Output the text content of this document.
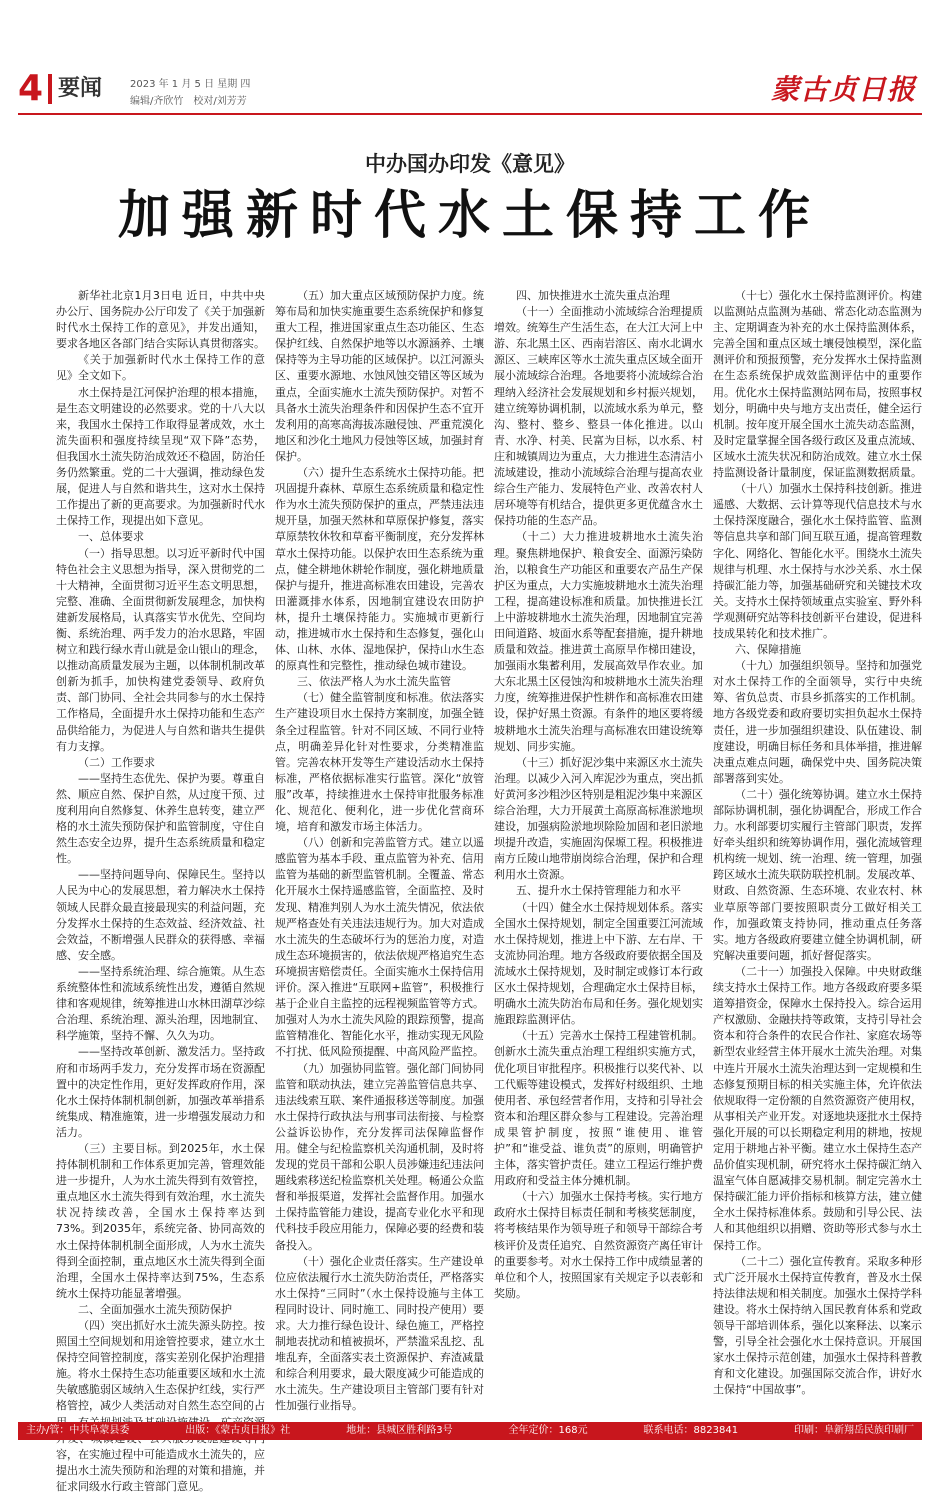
4 要闻	2023 年 1 月 5 日 星期 四
编辑/齐欣竹　校对/刘芳芳	蒙古贞日报
中办国办印发《意见》
加强新时代水土保持工作

新华社北京1月3日电 近日，中共中央办公厅、国务院办公厅印发了《关于加强新时代水土保持工作的意见》，并发出通知，要求各地区各部门结合实际认真贯彻落实。

《关于加强新时代水土保持工作的意见》全文如下。

水土保持是江河保护治理的根本措施，是生态文明建设的必然要求。党的十八大以来，我国水土保持工作取得显著成效，水土流失面积和强度持续呈现“双下降”态势，但我国水土流失防治成效还不稳固，防治任务仍然繁重。党的二十大强调，推动绿色发展，促进人与自然和谐共生，这对水土保持工作提出了新的更高要求。为加强新时代水土保持工作，现提出如下意见。

一、总体要求

（一）指导思想。以习近平新时代中国特色社会主义思想为指导，深入贯彻党的二十大精神，全面贯彻习近平生态文明思想，完整、准确、全面贯彻新发展理念，加快构建新发展格局，认真落实节水优先、空间均衡、系统治理、两手发力的治水思路，牢固树立和践行绿水青山就是金山银山的理念，以推动高质量发展为主题，以体制机制改革创新为抓手，加快构建党委领导、政府负责、部门协同、全社会共同参与的水土保持工作格局，全面提升水土保持功能和生态产品供给能力，为促进人与自然和谐共生提供有力支撑。

（二）工作要求

——坚持生态优先、保护为要。尊重自然、顺应自然、保护自然，从过度干预、过度利用向自然修复、休养生息转变，建立严格的水土流失预防保护和监管制度，守住自然生态安全边界，提升生态系统质量和稳定性。

——坚持问题导向、保障民生。坚持以人民为中心的发展思想，着力解决水土保持领域人民群众最直接最现实的利益问题，充分发挥水土保持的生态效益、经济效益、社会效益，不断增强人民群众的获得感、幸福感、安全感。

——坚持系统治理、综合施策。从生态系统整体性和流域系统性出发，遵循自然规律和客观规律，统筹推进山水林田湖草沙综合治理、系统治理、源头治理，因地制宜、科学施策，坚持不懈、久久为功。

——坚持改革创新、激发活力。坚持政府和市场两手发力，充分发挥市场在资源配置中的决定性作用，更好发挥政府作用，深化水土保持体制机制创新，加强改革举措系统集成、精准施策，进一步增强发展动力和活力。

（三）主要目标。到2025年，水土保持体制机制和工作体系更加完善，管理效能进一步提升，人为水土流失得到有效管控，重点地区水土流失得到有效治理，水土流失状况持续改善，全国水土保持率达到73%。到2035年，系统完备、协同高效的水土保持体制机制全面形成，人为水土流失得到全面控制，重点地区水土流失得到全面治理，全国水土保持率达到75%，生态系统水土保持功能显著增强。

二、全面加强水土流失预防保护

（四）突出抓好水土流失源头防控。按照国土空间规划和用途管控要求，建立水土保持空间管控制度，落实差别化保护治理措施。将水土保持生态功能重要区域和水土流失敏感脆弱区域纳入生态保护红线，实行严格管控，减少人类活动对自然生态空间的占 容，在实施过程中可能造成水土流失的，应提出水土流失预防和治理的对策和措施，并征求同级水行政主管部门意见。

（五）加大重点区域预防保护力度。统筹布局和加快实施重要生态系统保护和修复重大工程，推进国家重点生态功能区、生态保护红线、自然保护地等以水源涵养、土壤保持等为主导功能的区域保护。以江河源头区、重要水源地、水蚀风蚀交错区等区域为重点，全面实施水土流失预防保护。对暂不具备水土流失治理条件和因保护生态不宜开发利用的高寒高海拔冻融侵蚀、严重荒漠化地区和沙化土地风力侵蚀等区域，加强封育保护。

（六）提升生态系统水土保持功能。把巩固提升森林、草原生态系统质量和稳定性作为水土流失预防保护的重点，严禁违法违规开垦，加强天然林和草原保护修复，落实草原禁牧休牧和草畜平衡制度，充分发挥林草水土保持功能。以保护农田生态系统为重点，健全耕地休耕轮作制度，强化耕地质量保护与提升，推进高标准农田建设，完善农田灌溉排水体系，因地制宜建设农田防护林，提升土壤保持能力。实施城市更新行动，推进城市水土保持和生态修复，强化山体、山林、水体、湿地保护，保持山水生态的原真性和完整性，推动绿色城市建设。

三、依法严格人为水土流失监管

（七）健全监管制度和标准。依法落实生产建设项目水土保持方案制度，加强全链条全过程监管。针对不同区域、不同行业特点，明确差异化针对性要求，分类精准监管。完善农林开发等生产建设活动水土保持标准，严格依据标准实行监管。深化“放管服”改革，持续推进水土保持审批服务标准化、规范化、便利化，进一步优化营商环境，培育和激发市场主体活力。

（八）创新和完善监管方式。建立以遥感监管为基本手段、重点监管为补充、信用监管为基础的新型监管机制。全覆盖、常态化开展水土保持遥感监管，全面监控、及时发现、精准判别人为水土流失情况，依法依规严格查处有关违法违规行为。加大对造成水土流失的生态破坏行为的惩治力度，对造成生态环境损害的，依法依规严格追究生态环境损害赔偿责任。全面实施水土保持信用评价。深入推进“互联网+监管”，积极推行基于企业自主监控的远程视频监管等方式。加强对人为水土流失风险的跟踪预警，提高监管精准化、智能化水平，推动实现无风险不打扰、低风险预提醒、中高风险严监控。

（九）加强协同监管。强化部门间协同监管和联动执法，建立完善监管信息共享、违法线索互联、案件通报移送等制度。加强水土保持行政执法与刑事司法衔接、与检察公益诉讼协作，充分发挥司法保障监督作用。健全与纪检监察机关沟通机制，及时将发现的党员干部和公职人员涉嫌违纪违法问题线索移送纪检监察机关处理。畅通公众监督和举报渠道，发挥社会监督作用。加强水土保持监管能力建设，提高专业化水平和现代科技手段应用能力，保障必要的经费和装备投入。

（十）强化企业责任落实。生产建设单位应依法履行水土流失防治责任，严格落实水土保持“三同时”（水土保持设施与主体工程同时设计、同时施工、同时投产使用）要求。大力推行绿色设计、绿色施工，严格控制地表扰动和植被损坏，严禁滥采乱挖、乱堆乱弃，全面落实表土资源保护、弃渣减量和综合利用要求，最大限度减少可能造成的水土流失。生产建设项目主管部门要有针对性加强行业指导。

四、加快推进水土流失重点治理

（十一）全面推动小流域综合治理提质增效。统筹生产生活生态，在大江大河上中游、东北黑土区、西南岩溶区、南水北调水源区、三峡库区等水土流失重点区域全面开展小流域综合治理。各地要将小流域综合治理纳入经济社会发展规划和乡村振兴规划，建立统筹协调机制，以流域水系为单元，整沟、整村、整乡、整县一体化推进。以山青、水净、村美、民富为目标，以水系、村庄和城镇周边为重点，大力推进生态清洁小流域建设，推动小流域综合治理与提高农业综合生产能力、发展特色产业、改善农村人居环境等有机结合，提供更多更优蕴含水土保持功能的生态产品。

（十二）大力推进坡耕地水土流失治理。聚焦耕地保护、粮食安全、面源污染防治，以粮食生产功能区和重要农产品生产保护区为重点，大力实施坡耕地水土流失治理工程，提高建设标准和质量。加快推进长江上中游坡耕地水土流失治理，因地制宜完善田间道路、坡面水系等配套措施，提升耕地质量和效益。推进黄土高原旱作梯田建设，加强雨水集蓄利用，发展高效旱作农业。加大东北黑土区侵蚀沟和坡耕地水土流失治理力度，统筹推进保护性耕作和高标准农田建设，保护好黑土资源。有条件的地区要将缓坡耕地水土流失治理与高标准农田建设统筹规划、同步实施。

（十三）抓好泥沙集中来源区水土流失治理。以减少入河入库泥沙为重点，突出抓好黄河多沙粗沙区特别是粗泥沙集中来源区综合治理，大力开展黄土高原高标准淤地坝建设，加强病险淤地坝除险加固和老旧淤地坝提升改造，实施固沟保塬工程。积极推进南方丘陵山地带崩岗综合治理，保护和合理利用水土资源。

五、提升水土保持管理能力和水平

（十四）健全水土保持规划体系。落实全国水土保持规划，制定全国重要江河流域水土保持规划，推进上中下游、左右岸、干支流协同治理。地方各级政府要依据全国及流域水土保持规划，及时制定或修订本行政区水土保持规划，合理确定水土保持目标，明确水土流失防治布局和任务。强化规划实施跟踪监测评估。

（十五）完善水土保持工程建管机制。创新水土流失重点治理工程组织实施方式，优化项目审批程序。积极推行以奖代补、以工代赈等建设模式，发挥好村级组织、土地使用者、承包经营者作用，支持和引导社会资本和治理区群众参与工程建设。完善治理成果管护制度，按照“谁使用、谁管护”和“谁受益、谁负责”的原则，明确管护主体，落实管护责任。建立工程运行维护费用政府和受益主体分摊机制。

（十六）加强水土保持考核。实行地方政府水土保持目标责任制和考核奖惩制度，将考核结果作为领导班子和领导干部综合考核评价及责任追究、自然资源资产离任审计的重要参考。对水土保持工作中成绩显著的单位和个人，按照国家有关规定予以表彰和奖励。

（十七）强化水土保持监测评价。构建以监测站点监测为基础、常态化动态监测为主、定期调查为补充的水土保持监测体系，完善全国和重点区域土壤侵蚀模型，深化监测评价和预报预警，充分发挥水土保持监测在生态系统保护成效监测评估中的重要作用。优化水土保持监测站网布局，按照事权划分，明确中央与地方支出责任，健全运行机制。按年度开展全国水土流失动态监测，及时定量掌握全国各级行政区及重点流域、区域水土流失状况和防治成效。建立水土保持监测设备计量制度，保证监测数据质量。

（十八）加强水土保持科技创新。推进遥感、大数据、云计算等现代信息技术与水土保持深度融合，强化水土保持监管、监测等信息共享和部门间互联互通，提高管理数字化、网络化、智能化水平。围绕水土流失规律与机理、水土保持与水沙关系、水土保持碳汇能力等，加强基础研究和关键技术攻关。支持水土保持领域重点实验室、野外科学观测研究站等科技创新平台建设，促进科技成果转化和技术推广。

六、保障措施

（十九）加强组织领导。坚持和加强党对水土保持工作的全面领导，实行中央统筹、省负总责、市县乡抓落实的工作机制。地方各级党委和政府要切实担负起水土保持责任，进一步加强组织建设、队伍建设、制度建设，明确目标任务和具体举措，推进解决重点难点问题，确保党中央、国务院决策部署落到实处。

（二十）强化统筹协调。建立水土保持部际协调机制，强化协调配合，形成工作合力。水利部要切实履行主管部门职责，发挥好牵头组织和统筹协调作用，强化流域管理机构统一规划、统一治理、统一管理，加强跨区域水土流失联防联控机制。发展改革、财政、自然资源、生态环境、农业农村、林业草原等部门要按照职责分工做好相关工作，加强政策支持协同，推动重点任务落实。地方各级政府要建立健全协调机制，研究解决重要问题，抓好督促落实。

（二十一）加强投入保障。中央财政继续支持水土保持工作。地方各级政府要多渠道筹措资金，保障水土保持投入。综合运用产权激励、金融扶持等政策，支持引导社会资本和符合条件的农民合作社、家庭农场等新型农业经营主体开展水土流失治理。对集中连片开展水土流失治理达到一定规模和生态修复预期目标的相关实施主体，允许依法依规取得一定份额的自然资源资产使用权，从事相关产业开发。对逐地块逐批水土保持强化开展的可以长期稳定利用的耕地，按规定用于耕地占补平衡。建立水土保持生态产品价值实现机制，研究将水土保持碳汇纳入温室气体自愿减排交易机制。制定完善水土保持碳汇能力评价指标和核算方法，建立健全水土保持标准体系。鼓励和引导公民、法人和其他组织以捐赠、资助等形式参与水土保持工作。

（二十二）强化宣传教育。采取多种形式广泛开展水土保持宣传教育，普及水土保持法律法规和相关制度。加强水土保持学科建设。将水土保持纳入国民教育体系和党政领导干部培训体系，强化以案释法、以案示警，引导全社会强化水土保持意识。开展国家水土保持示范创建，加强水土保持科普教育和文化建设。加强国际交流合作，讲好水土保持“中国故事”。

主办/管：中共阜蒙县委	出版：《蒙古贞日报》社	地址：县城区胜利路3号	全年定价：168元	联系电话：8823841	印刷：阜新翔岳民族印刷厂
